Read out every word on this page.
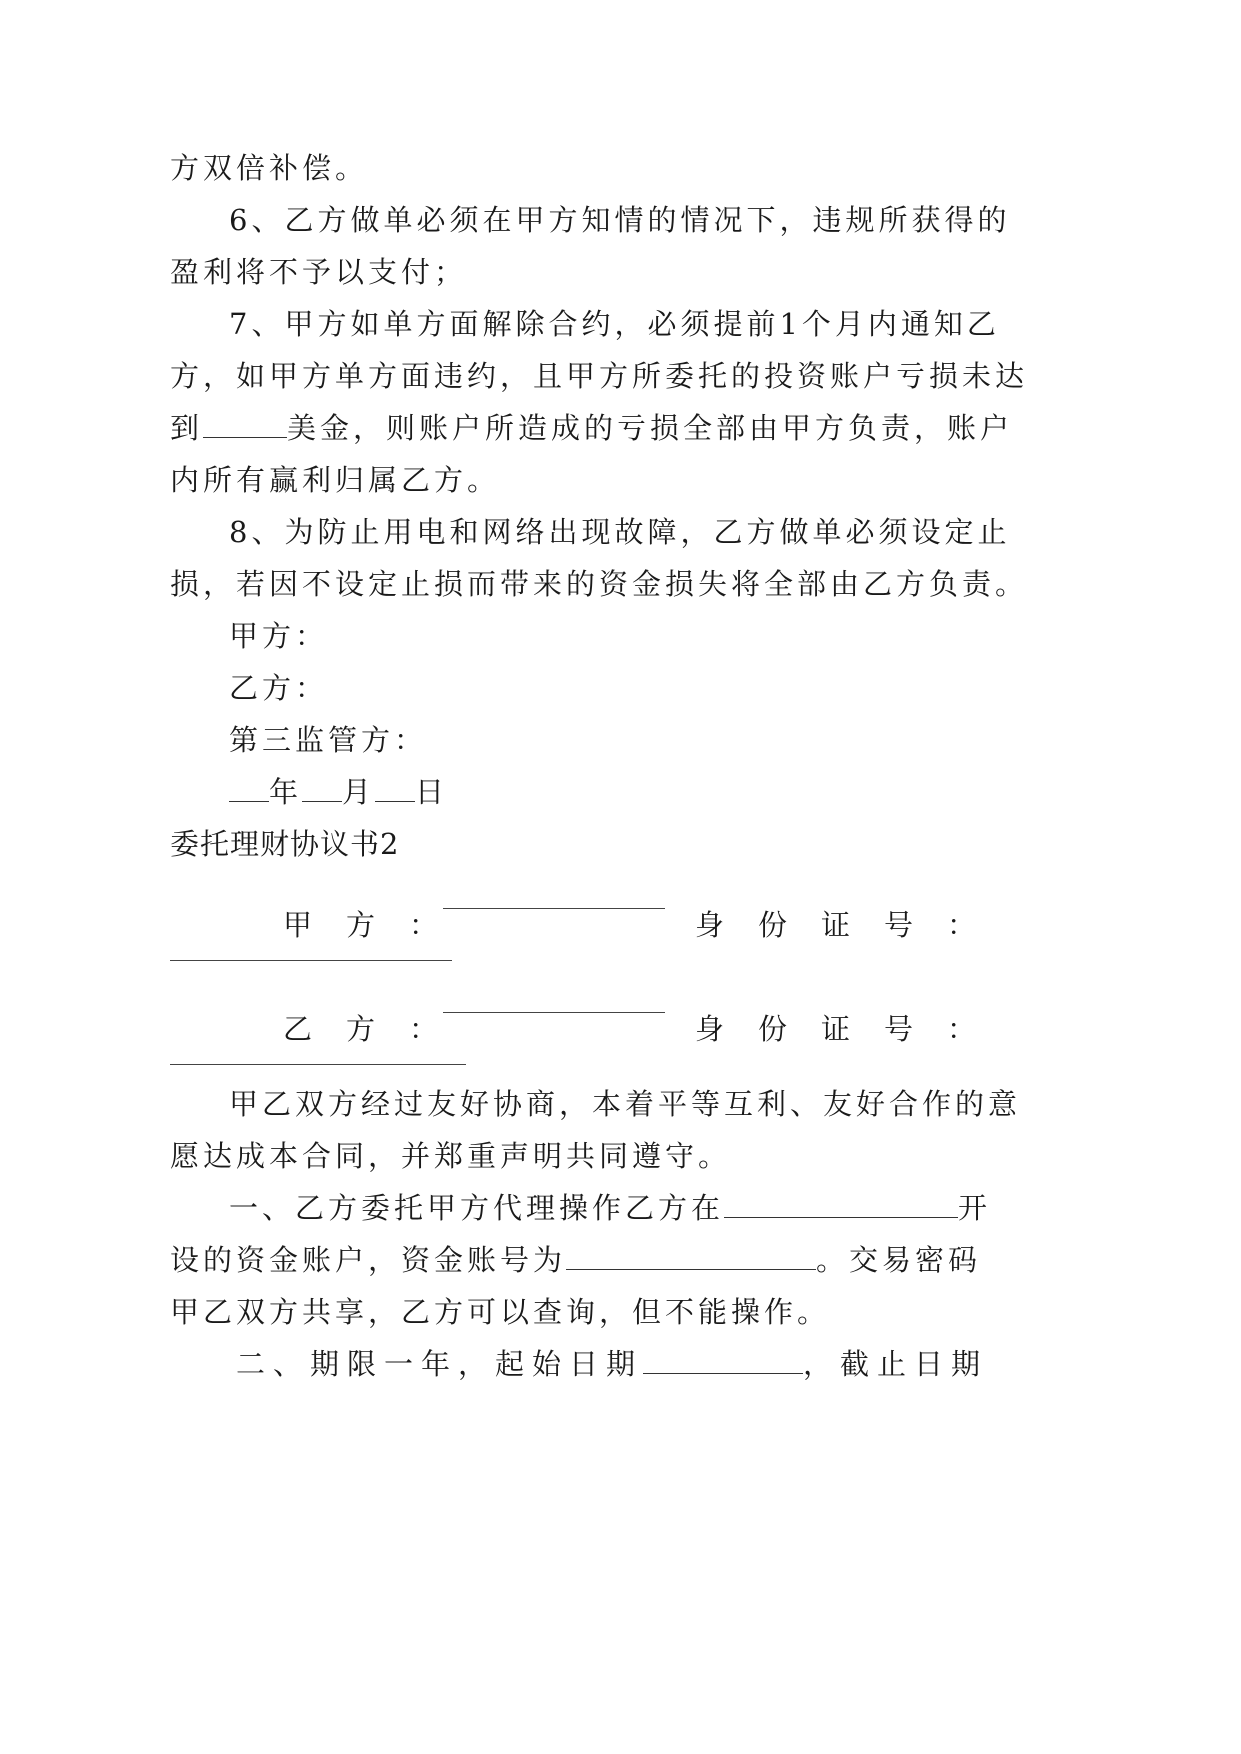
方双倍补偿。

6、乙方做单必须在甲方知情的情况下，违规所获得的

盈利将不予以支付；

7、甲方如单方面解除合约，必须提前1个月内通知乙

方，如甲方单方面违约，且甲方所委托的投资账户亏损未达

到	美金，则账户所造成的亏损全部由甲方负责，账户

内所有赢利归属乙方。

8、为防止用电和网络出现故障，乙方做单必须设定止

损，若因不设定止损而带来的资金损失将全部由乙方负责。

甲方：

乙方：

第三监管方：

年 月 日

委托理财协议书2

甲方：	身份证号：

乙方：	身份证号：

甲乙双方经过友好协商，本着平等互利、友好合作的意

愿达成本合同，并郑重声明共同遵守。

一、乙方委托甲方代理操作乙方在	开

设的资金账户，资金账号为	。交易密码

甲乙双方共享，乙方可以查询，但不能操作。

二、期限一年，起始日期	，截止日期
